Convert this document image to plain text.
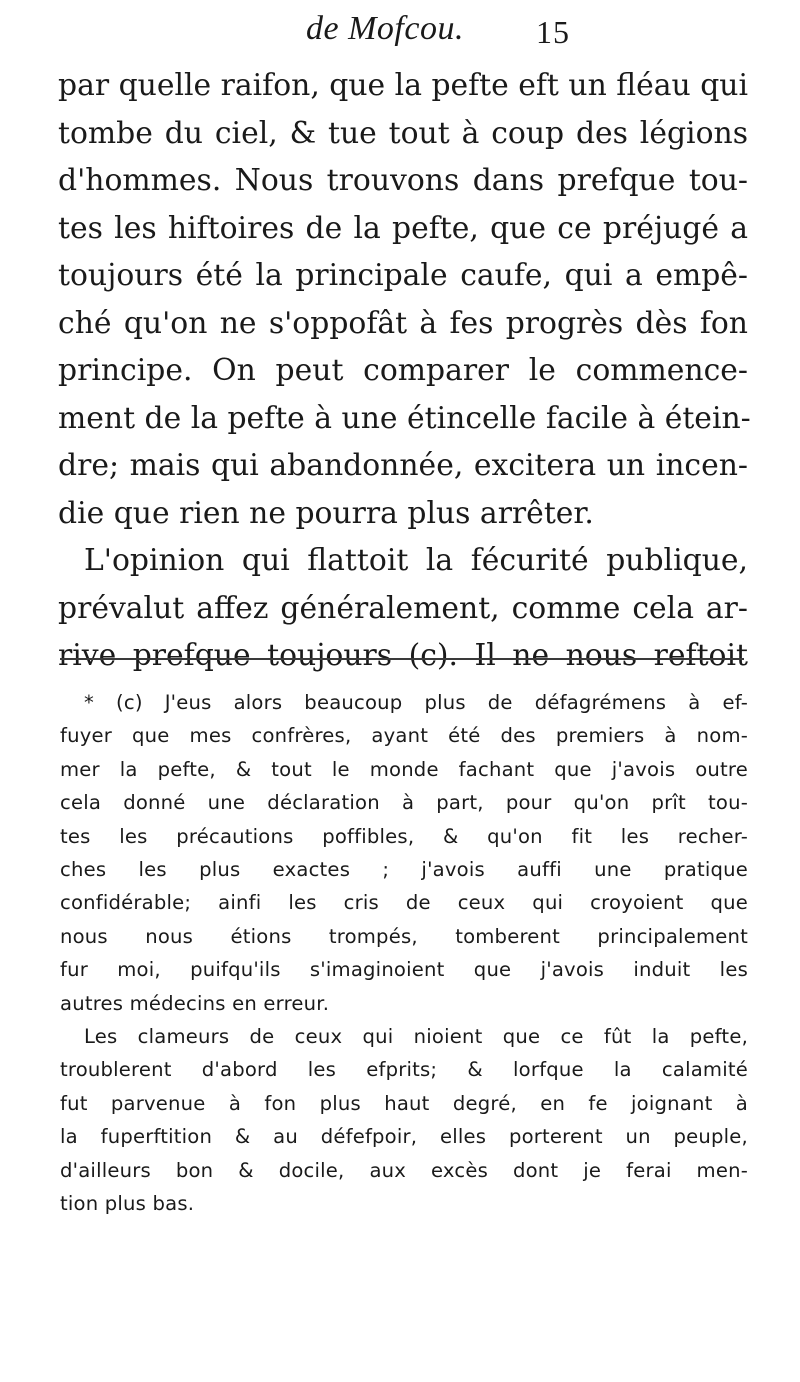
de Mofcou. 15
par quelle raifon, que la pefte eft un fléau qui
tombe du ciel, & tue tout à coup des légions
d'hommes. Nous trouvons dans prefque tou-
tes les hiftoires de la pefte, que ce préjugé a
toujours été la principale caufe, qui a empê-
ché qu'on ne s'oppofât à fes progrès dès fon
principe. On peut comparer le commence-
ment de la pefte à une étincelle facile à étein-
dre; mais qui abandonnée, excitera un incen-
die que rien ne pourra plus arrêter.
L'opinion qui flattoit la fécurité publique,
prévalut affez généralement, comme cela ar-
rive prefque toujours (c). Il ne nous reftoit
* (c) J'eus alors beaucoup plus de défagrémens à ef-
fuyer que mes confrères, ayant été des premiers à nom-
mer la pefte, & tout le monde fachant que j'avois outre
cela donné une déclaration à part, pour qu'on prît tou-
tes les précautions poffibles, & qu'on fit les recher-
ches les plus exactes ; j'avois auffi une pratique
confidérable; ainfi les cris de ceux qui croyoient que
nous nous étions trompés, tomberent principalement
fur moi, puifqu'ils s'imaginoient que j'avois induit les
autres médecins en erreur.
Les clameurs de ceux qui nioient que ce fût la pefte,
troublerent d'abord les efprits; & lorfque la calamité
fut parvenue à fon plus haut degré, en fe joignant à
la fuperftition & au défefpoir, elles porterent un peuple,
d'ailleurs bon & docile, aux excès dont je ferai men-
tion plus bas.
